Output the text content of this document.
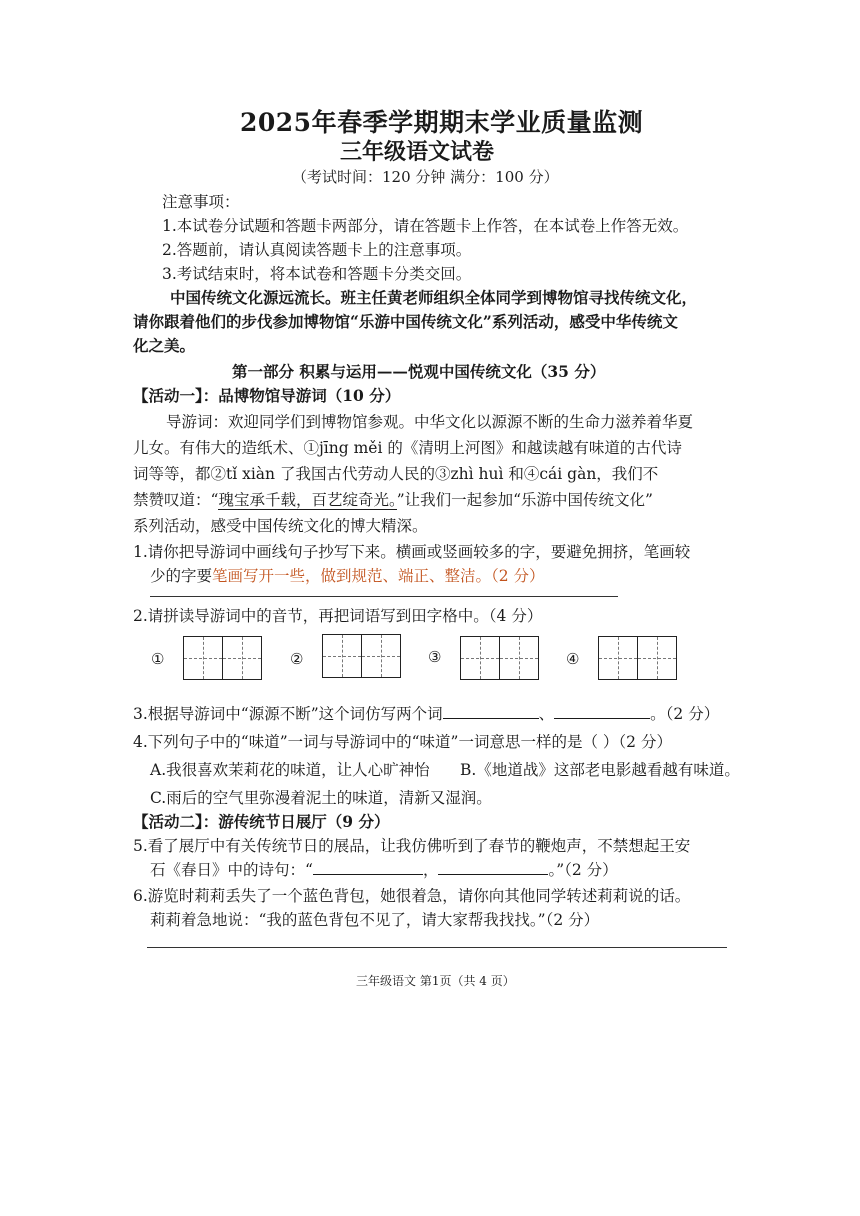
2025年春季学期期末学业质量监测
三年级语文试卷
（考试时间：120 分钟 满分：100 分）
注意事项：
1.本试卷分试题和答题卡两部分，请在答题卡上作答，在本试卷上作答无效。
2.答题前，请认真阅读答题卡上的注意事项。
3.考试结束时，将本试卷和答题卡分类交回。
中国传统文化源远流长。班主任黄老师组织全体同学到博物馆寻找传统文化，
请你跟着他们的步伐参加博物馆“乐游中国传统文化”系列活动，感受中华传统文
化之美。
第一部分 积累与运用——悦观中国传统文化（35 分）
【活动一】：品博物馆导游词（10 分）
导游词：欢迎同学们到博物馆参观。中华文化以源源不断的生命力滋养着华夏
儿女。有伟大的造纸术、①jīng měi 的《清明上河图》和越读越有味道的古代诗
词等等，都②tǐ xiàn 了我国古代劳动人民的③zhì huì 和④cái gàn，我们不
禁赞叹道：“瑰宝承千载，百艺绽奇光。”让我们一起参加“乐游中国传统文化”
系列活动，感受中国传统文化的博大精深。
1.请你把导游词中画线句子抄写下来。横画或竖画较多的字，要避免拥挤，笔画较
少的字要笔画写开一些，做到规范、端正、整洁。（2 分）
2.请拼读导游词中的音节，再把词语写到田字格中。（4 分）
①	②	③	④
3.根据导游词中“源源不断”这个词仿写两个词	、	。（2 分）
4.下列句子中的“味道”一词与导游词中的“味道”一词意思一样的是（ ）（2 分）
A.我很喜欢茉莉花的味道，让人心旷神怡 B.《地道战》这部老电影越看越有味道。
C.雨后的空气里弥漫着泥土的味道，清新又湿润。
【活动二】：游传统节日展厅（9 分）
5.看了展厅中有关传统节日的展品，让我仿佛听到了春节的鞭炮声，不禁想起王安
石《春日》中的诗句：“	，	。”（2 分）
6.游览时莉莉丢失了一个蓝色背包，她很着急，请你向其他同学转述莉莉说的话。
莉莉着急地说：“我的蓝色背包不见了，请大家帮我找找。”（2 分）
三年级语文 第1页（共 4 页）
